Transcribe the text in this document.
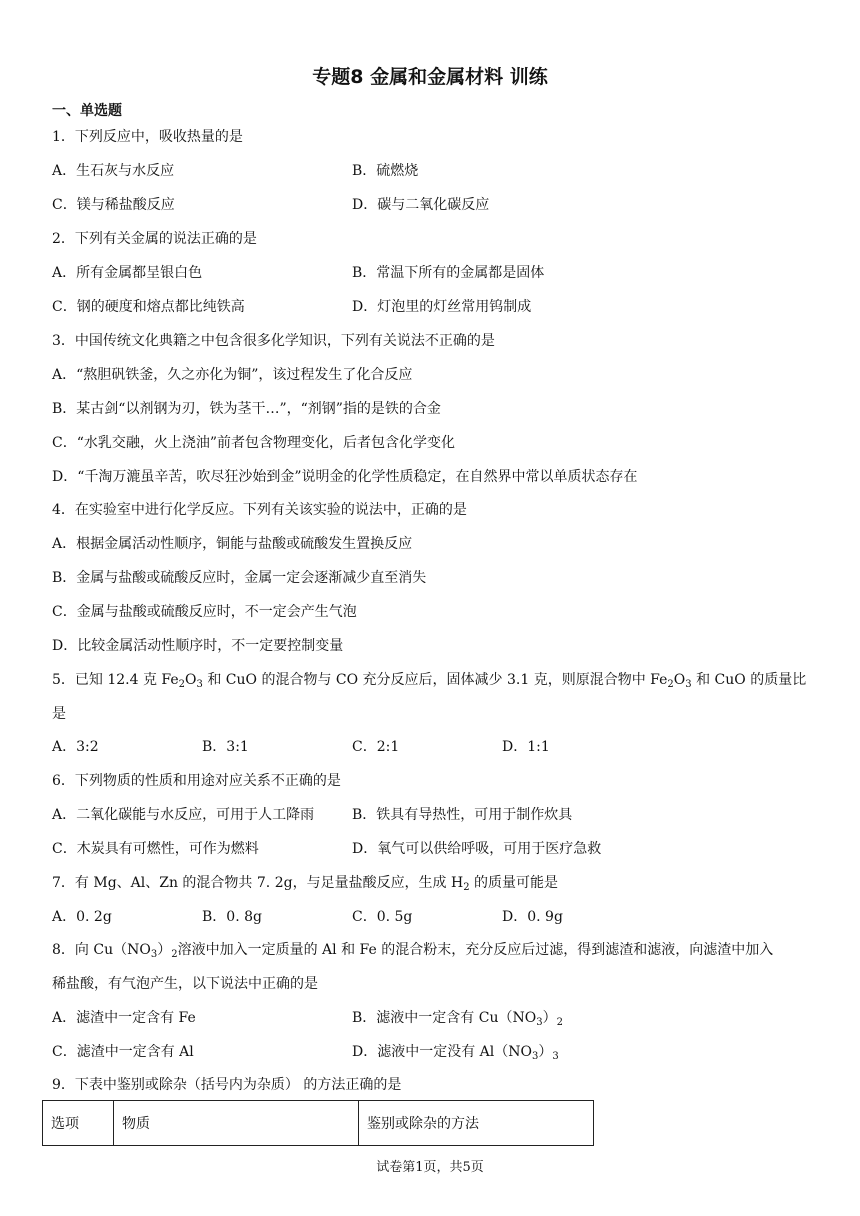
专题8 金属和金属材料 训练
一、单选题
1．下列反应中，吸收热量的是
A．生石灰与水反应	B．硫燃烧
C．镁与稀盐酸反应	D．碳与二氧化碳反应
2．下列有关金属的说法正确的是
A．所有金属都呈银白色	B．常温下所有的金属都是固体
C．钢的硬度和熔点都比纯铁高	D．灯泡里的灯丝常用钨制成
3．中国传统文化典籍之中包含很多化学知识，下列有关说法不正确的是
A．“熬胆矾铁釜，久之亦化为铜”，该过程发生了化合反应
B．某古剑“以剂钢为刃，铁为茎干…”，“剂钢”指的是铁的合金
C．“水乳交融，火上浇油”前者包含物理变化，后者包含化学变化
D．“千淘万漉虽辛苦，吹尽狂沙始到金”说明金的化学性质稳定，在自然界中常以单质状态存在
4．在实验室中进行化学反应。下列有关该实验的说法中，正确的是
A．根据金属活动性顺序，铜能与盐酸或硫酸发生置换反应
B．金属与盐酸或硫酸反应时，金属一定会逐渐减少直至消失
C．金属与盐酸或硫酸反应时，不一定会产生气泡
D．比较金属活动性顺序时，不一定要控制变量
5．已知 12.4 克 $Fe_2O_3$ 和 CuO 的混合物与 CO 充分反应后，固体减少 3.1 克，则原混合物中 $Fe_2O_3$ 和 CuO 的质量比
是
A．3:2	B．3:1	C．2:1	D．1:1
6．下列物质的性质和用途对应关系不正确的是
A．二氧化碳能与水反应，可用于人工降雨	B．铁具有导热性，可用于制作炊具
C．木炭具有可燃性，可作为燃料	D．氧气可以供给呼吸，可用于医疗急救
7．有 Mg、Al、Zn 的混合物共 7. 2g，与足量盐酸反应，生成 $H_2$ 的质量可能是
A．0. 2g	B．0. 8g	C．0. 5g	D．0. 9g
8．向 $Cu(NO_3)_2$溶液中加入一定质量的 Al 和 Fe 的混合粉末，充分反应后过滤，得到滤渣和滤液，向滤渣中加入
稀盐酸，有气泡产生，以下说法中正确的是
A．滤渣中一定含有 Fe	B．滤液中一定含有 $Cu(NO_3)_2$
C．滤渣中一定含有 Al	D．滤液中一定没有 $Al(NO_3)_3$
9．下表中鉴别或除杂（括号内为杂质） 的方法正确的是
选项	物质	鉴别或除杂的方法
试卷第1页，共5页
